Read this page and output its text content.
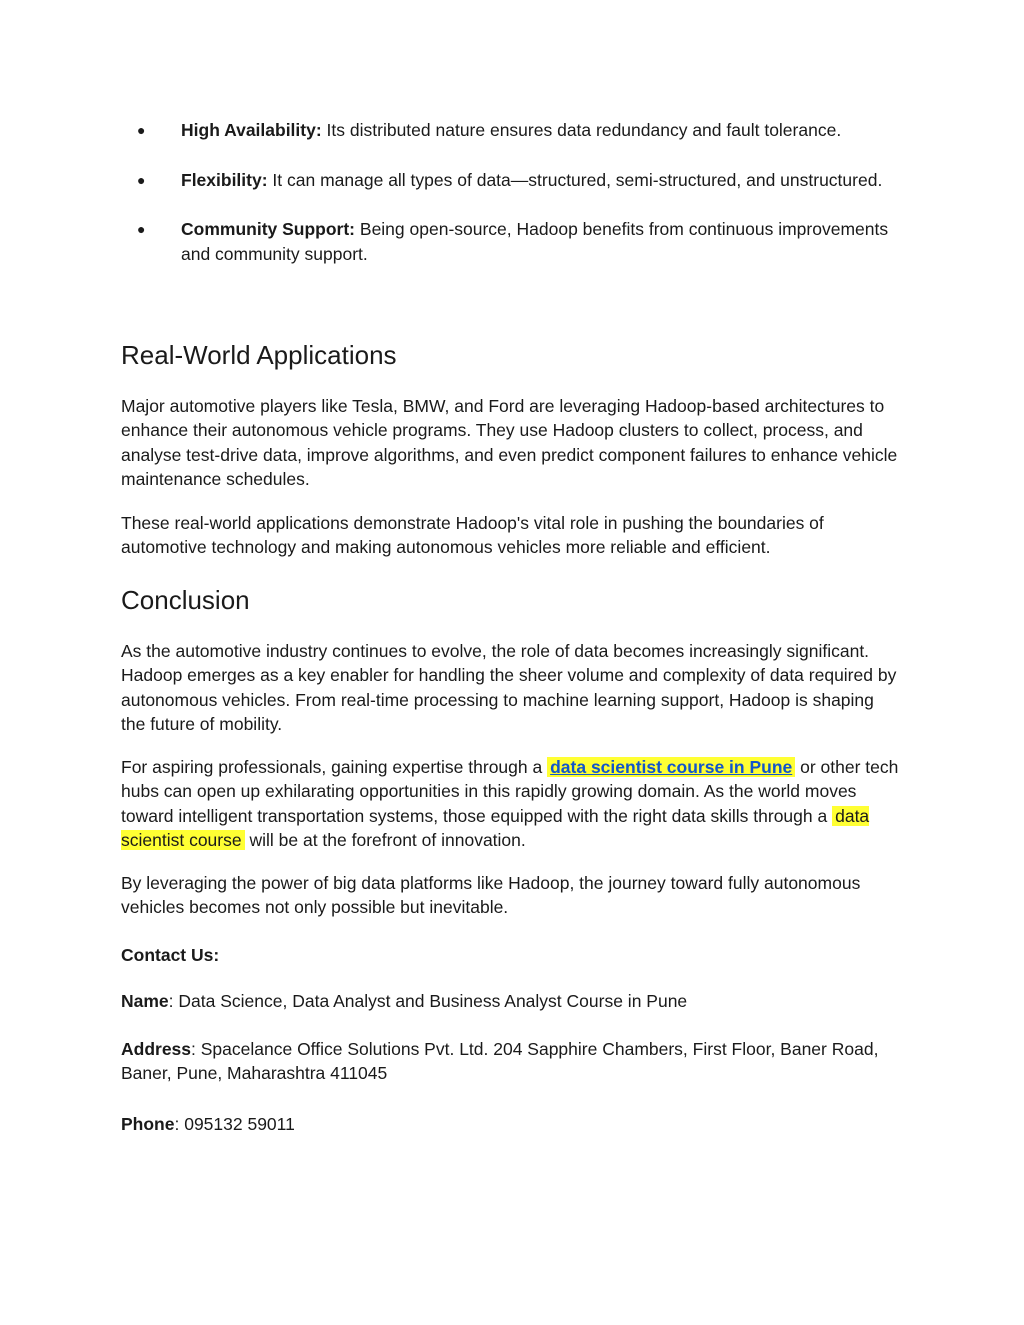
● High Availability: Its distributed nature ensures data redundancy and fault tolerance.
● Flexibility: It can manage all types of data—structured, semi-structured, and unstructured.
● Community Support: Being open-source, Hadoop benefits from continuous improvements and community support.
Real-World Applications

Major automotive players like Tesla, BMW, and Ford are leveraging Hadoop-based architectures to enhance their autonomous vehicle programs. They use Hadoop clusters to collect, process, and analyse test-drive data, improve algorithms, and even predict component failures to enhance vehicle maintenance schedules.

These real-world applications demonstrate Hadoop's vital role in pushing the boundaries of automotive technology and making autonomous vehicles more reliable and efficient.

Conclusion

As the automotive industry continues to evolve, the role of data becomes increasingly significant. Hadoop emerges as a key enabler for handling the sheer volume and complexity of data required by autonomous vehicles. From real-time processing to machine learning support, Hadoop is shaping the future of mobility.

For aspiring professionals, gaining expertise through a data scientist course in Pune or other tech hubs can open up exhilarating opportunities in this rapidly growing domain. As the world moves toward intelligent transportation systems, those equipped with the right data skills through a data scientist course will be at the forefront of innovation.

By leveraging the power of big data platforms like Hadoop, the journey toward fully autonomous vehicles becomes not only possible but inevitable.

Contact Us:

Name: Data Science, Data Analyst and Business Analyst Course in Pune

Address: Spacelance Office Solutions Pvt. Ltd. 204 Sapphire Chambers, First Floor, Baner Road, Baner, Pune, Maharashtra 411045

Phone: 095132 59011
